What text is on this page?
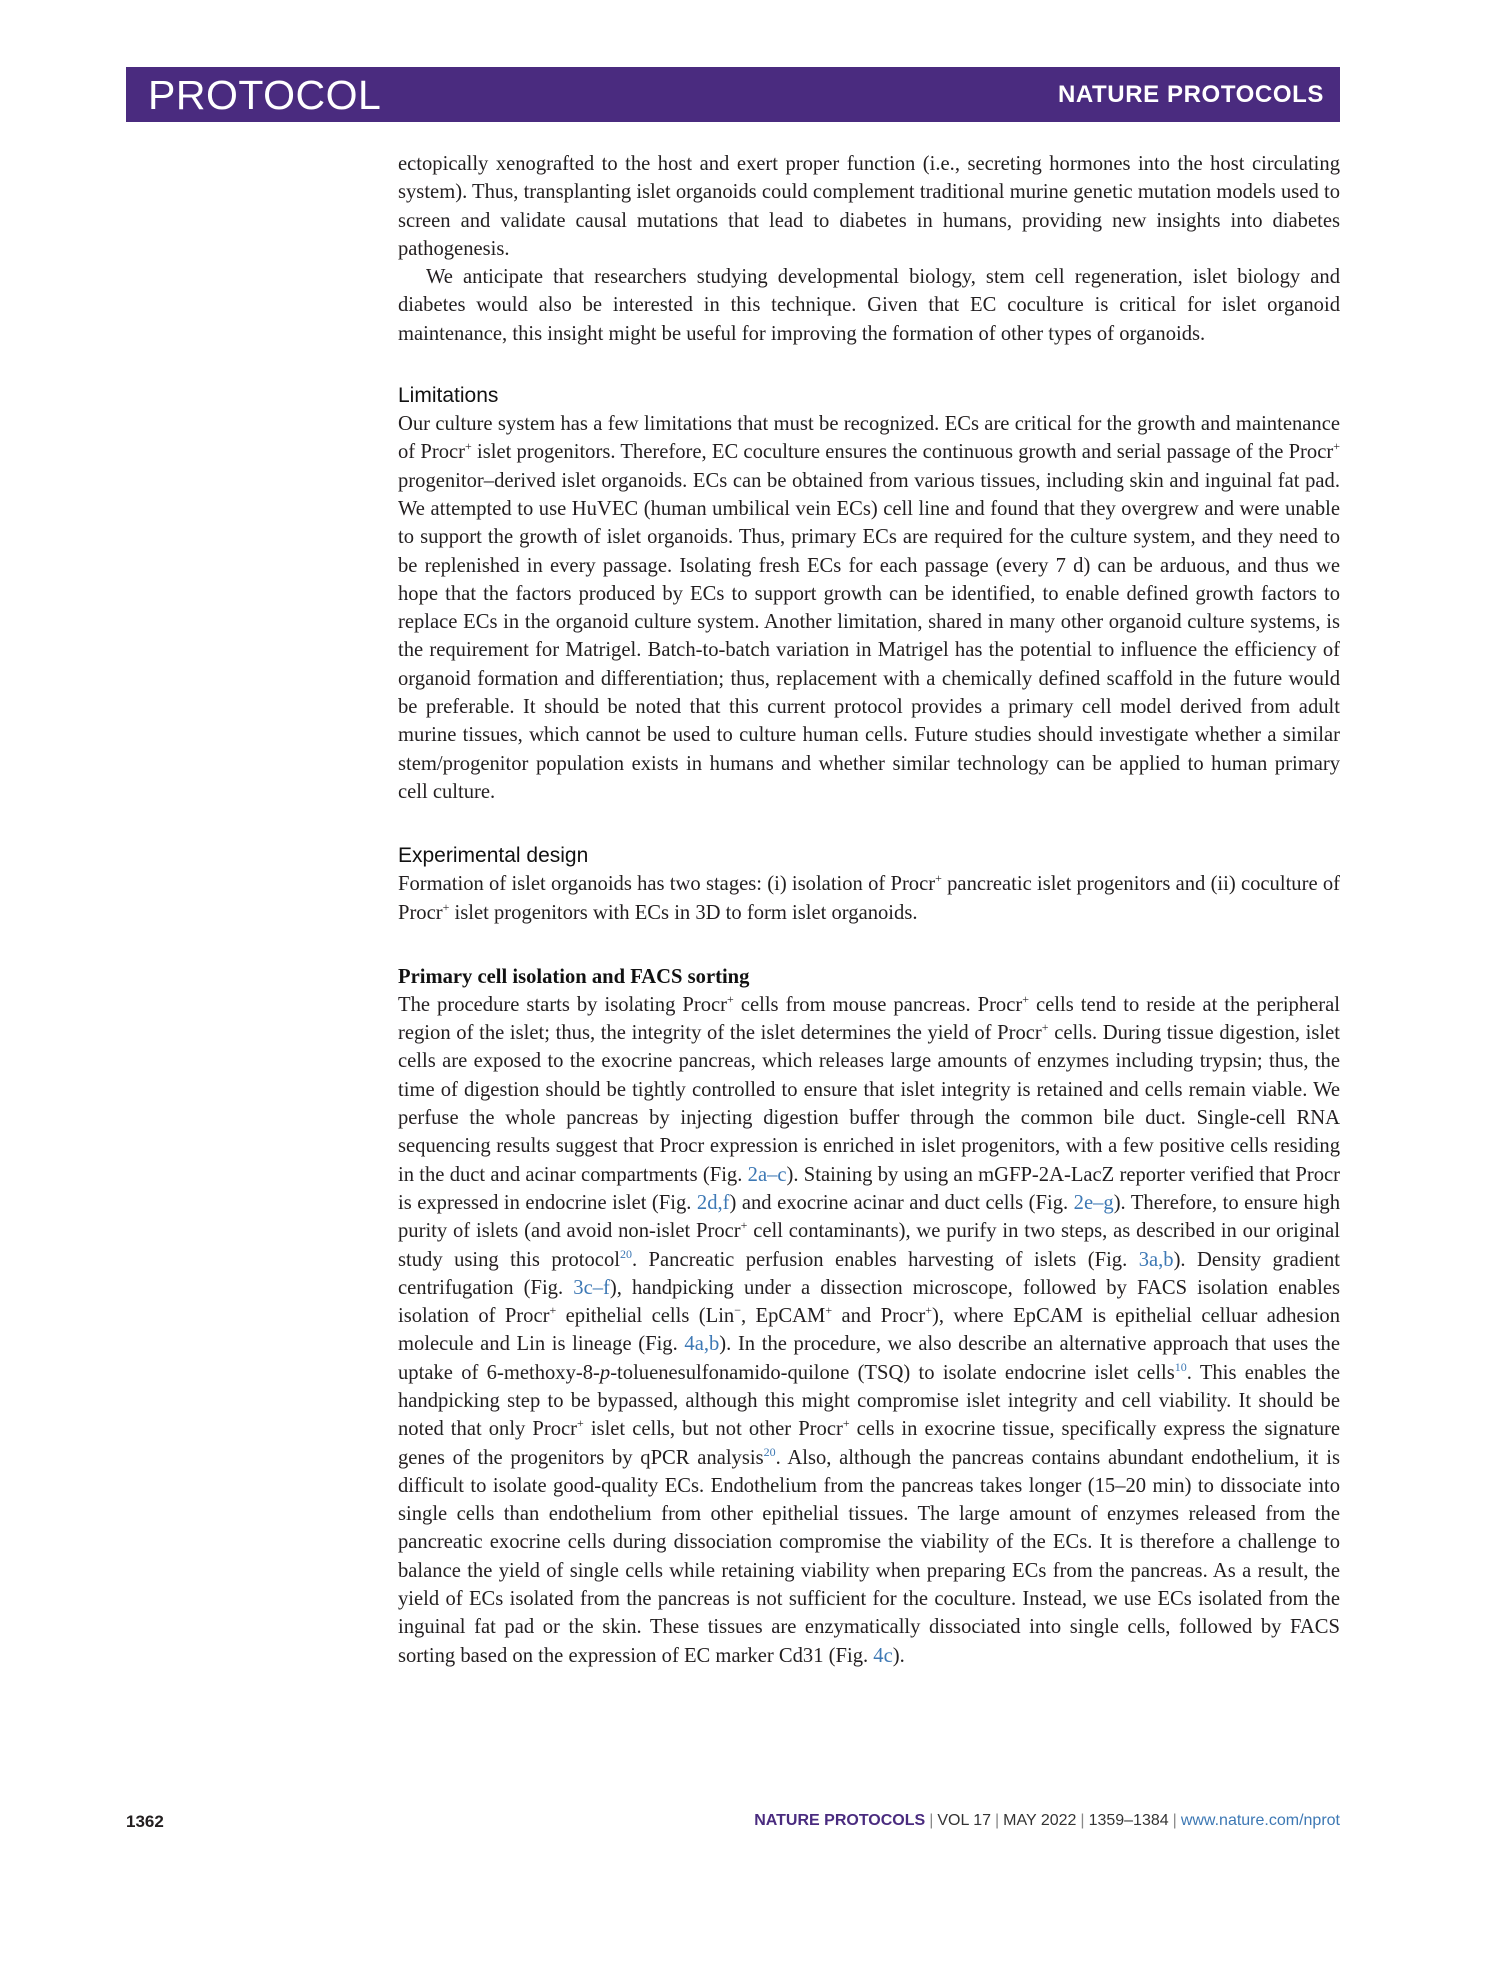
PROTOCOL	NATURE PROTOCOLS

ectopically xenografted to the host and exert proper function (i.e., secreting hormones into the host circulating system). Thus, transplanting islet organoids could complement traditional murine genetic mutation models used to screen and validate causal mutations that lead to diabetes in humans, providing new insights into diabetes pathogenesis.

We anticipate that researchers studying developmental biology, stem cell regeneration, islet biology and diabetes would also be interested in this technique. Given that EC coculture is critical for islet organoid maintenance, this insight might be useful for improving the formation of other types of organoids.

Limitations

Our culture system has a few limitations that must be recognized. ECs are critical for the growth and maintenance of Procr+ islet progenitors. Therefore, EC coculture ensures the continuous growth and serial passage of the Procr+ progenitor–derived islet organoids. ECs can be obtained from various tissues, including skin and inguinal fat pad. We attempted to use HuVEC (human umbilical vein ECs) cell line and found that they overgrew and were unable to support the growth of islet organoids. Thus, primary ECs are required for the culture system, and they need to be replenished in every passage. Isolating fresh ECs for each passage (every 7 d) can be arduous, and thus we hope that the factors produced by ECs to support growth can be identified, to enable defined growth factors to replace ECs in the organoid culture system. Another limitation, shared in many other organoid culture systems, is the requirement for Matrigel. Batch-to-batch variation in Matrigel has the potential to influence the efficiency of organoid formation and differentiation; thus, replacement with a chemically defined scaffold in the future would be preferable. It should be noted that this current protocol provides a primary cell model derived from adult murine tissues, which cannot be used to culture human cells. Future studies should investigate whether a similar stem/progenitor population exists in humans and whether similar technology can be applied to human primary cell culture.

Experimental design

Formation of islet organoids has two stages: (i) isolation of Procr+ pancreatic islet progenitors and (ii) coculture of Procr+ islet progenitors with ECs in 3D to form islet organoids.

Primary cell isolation and FACS sorting

The procedure starts by isolating Procr+ cells from mouse pancreas. Procr+ cells tend to reside at the peripheral region of the islet; thus, the integrity of the islet determines the yield of Procr+ cells. During tissue digestion, islet cells are exposed to the exocrine pancreas, which releases large amounts of enzymes including trypsin; thus, the time of digestion should be tightly controlled to ensure that islet integrity is retained and cells remain viable. We perfuse the whole pancreas by injecting digestion buffer through the common bile duct. Single-cell RNA sequencing results suggest that Procr expression is enriched in islet progenitors, with a few positive cells residing in the duct and acinar compartments (Fig. 2a–c). Staining by using an mGFP-2A-LacZ reporter verified that Procr is expressed in endocrine islet (Fig. 2d,f) and exocrine acinar and duct cells (Fig. 2e–g). Therefore, to ensure high purity of islets (and avoid non-islet Procr+ cell contaminants), we purify in two steps, as described in our original study using this protocol$^{20}$. Pancreatic perfusion enables harvesting of islets (Fig. 3a,b). Density gradient centrifugation (Fig. 3c–f), handpicking under a dissection microscope, followed by FACS isolation enables isolation of Procr+ epithelial cells (Lin−, EpCAM+ and Procr+), where EpCAM is epithelial celluar adhesion molecule and Lin is lineage (Fig. 4a,b). In the procedure, we also describe an alternative approach that uses the uptake of 6-methoxy-8-p-toluenesulfonamido-quilone (TSQ) to isolate endocrine islet cells$^{10}$. This enables the handpicking step to be bypassed, although this might compromise islet integrity and cell viability. It should be noted that only Procr+ islet cells, but not other Procr+ cells in exocrine tissue, specifically express the signature genes of the progenitors by qPCR analysis$^{20}$. Also, although the pancreas contains abundant endothelium, it is difficult to isolate good-quality ECs. Endothelium from the pancreas takes longer (15–20 min) to dissociate into single cells than endothelium from other epithelial tissues. The large amount of enzymes released from the pancreatic exocrine cells during dissociation compromise the viability of the ECs. It is therefore a challenge to balance the yield of single cells while retaining viability when preparing ECs from the pancreas. As a result, the yield of ECs isolated from the pancreas is not sufficient for the coculture. Instead, we use ECs isolated from the inguinal fat pad or the skin. These tissues are enzymatically dissociated into single cells, followed by FACS sorting based on the expression of EC marker Cd31 (Fig. 4c).

1362	NATURE PROTOCOLS | VOL 17 | MAY 2022 | 1359–1384 | www.nature.com/nprot
